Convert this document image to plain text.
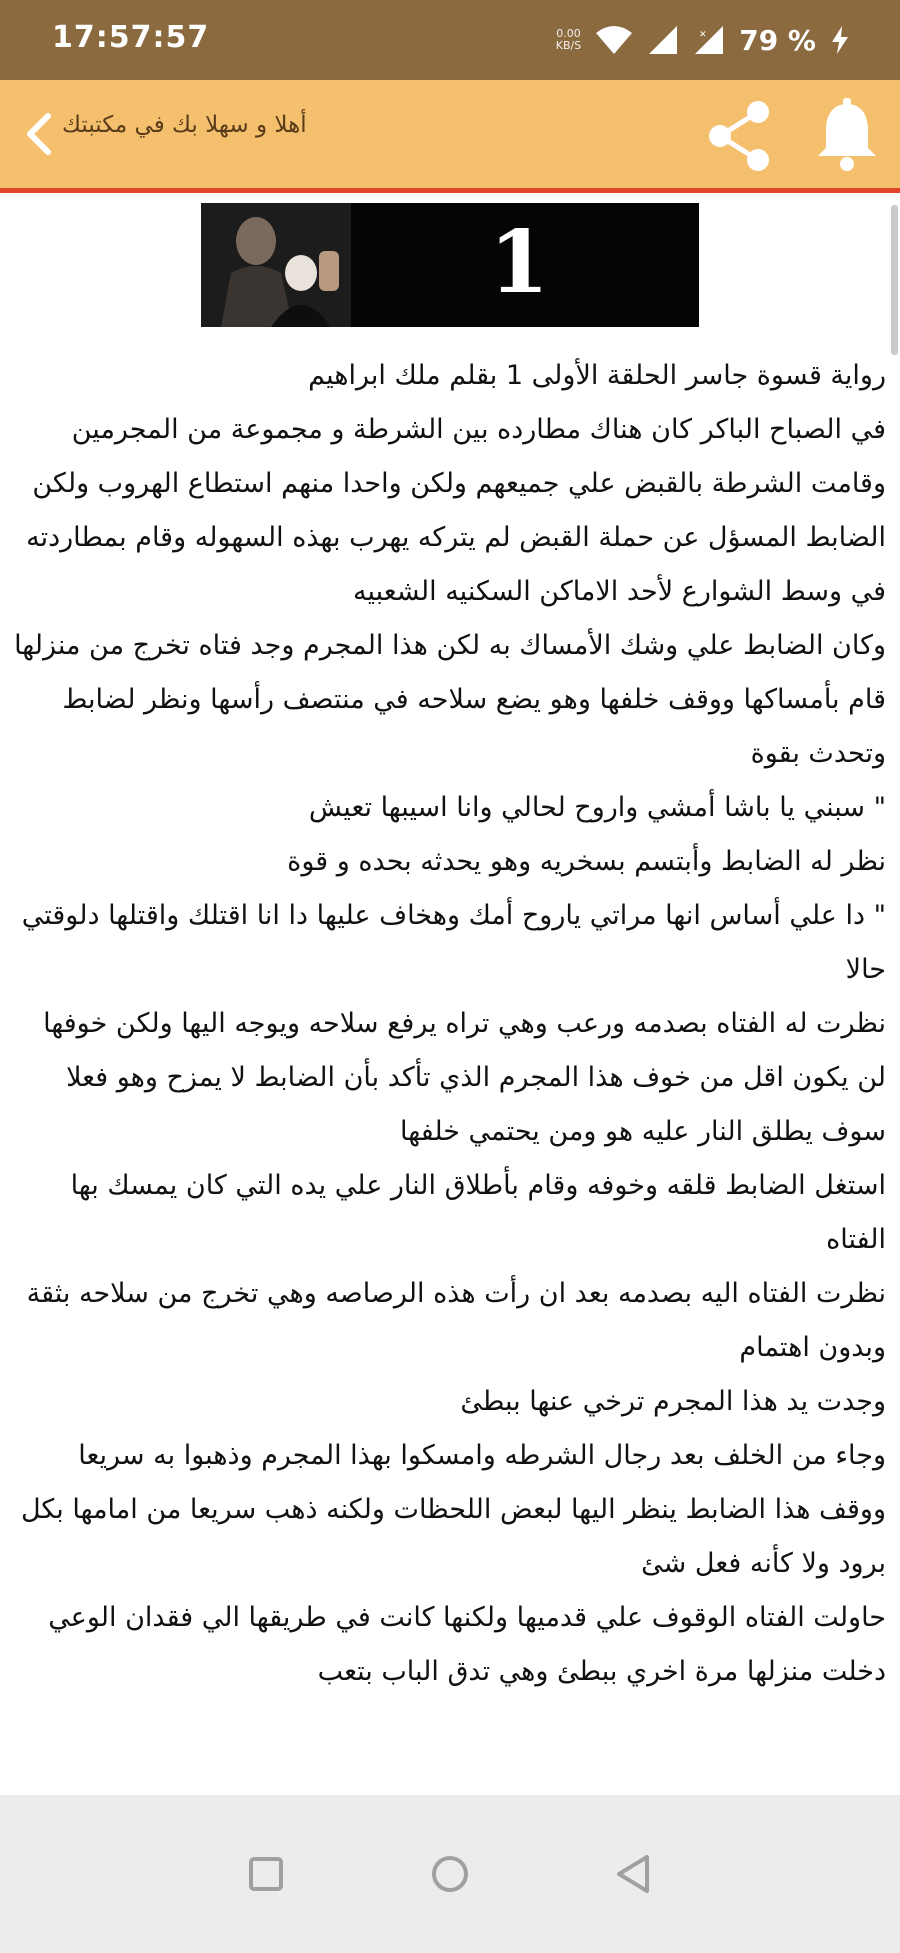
17:57:57	0.00
KB/S
✕ 79 %
أهلا و سهلا بك في مكتبتك
1
رواية قسوة جاسر الحلقة الأولى 1 بقلم ملك ابراهيم

في الصباح الباكر كان هناك مطارده بين الشرطة و مجموعة من المجرمين وقامت الشرطة بالقبض علي جميعهم ولكن واحدا منهم استطاع الهروب ولكن الضابط المسؤل عن حملة القبض لم يتركه يهرب بهذه السهوله وقام بمطاردته في وسط الشوارع لأحد الاماكن السكنيه الشعبيه

وكان الضابط علي وشك الأمساك به لكن هذا المجرم وجد فتاه تخرج من منزلها قام بأمساكها ووقف خلفها وهو يضع سلاحه في منتصف رأسها ونظر لضابط وتحدث بقوة

" سبني يا باشا أمشي واروح لحالي وانا اسيبها تعيش

نظر له الضابط وأبتسم بسخريه وهو يحدثه بحده و قوة

" دا علي أساس انها مراتي ياروح أمك وهخاف عليها دا انا اقتلك واقتلها دلوقتي حالا

نظرت له الفتاه بصدمه ورعب وهي تراه يرفع سلاحه ويوجه اليها ولكن خوفها لن يكون اقل من خوف هذا المجرم الذي تأكد بأن الضابط لا يمزح وهو فعلا سوف يطلق النار عليه هو ومن يحتمي خلفها

استغل الضابط قلقه وخوفه وقام بأطلاق النار علي يده التي كان يمسك بها الفتاه

نظرت الفتاه اليه بصدمه بعد ان رأت هذه الرصاصه وهي تخرج من سلاحه بثقة وبدون اهتمام

وجدت يد هذا المجرم ترخي عنها ببطئ

وجاء من الخلف بعد رجال الشرطه وامسكوا بهذا المجرم وذهبوا به سريعا ووقف هذا الضابط ينظر اليها لبعض اللحظات ولكنه ذهب سريعا من امامها بكل برود ولا كأنه فعل شئ

حاولت الفتاه الوقوف علي قدميها ولكنها كانت في طريقها الي فقدان الوعي

دخلت منزلها مرة اخري ببطئ وهي تدق الباب بتعب
